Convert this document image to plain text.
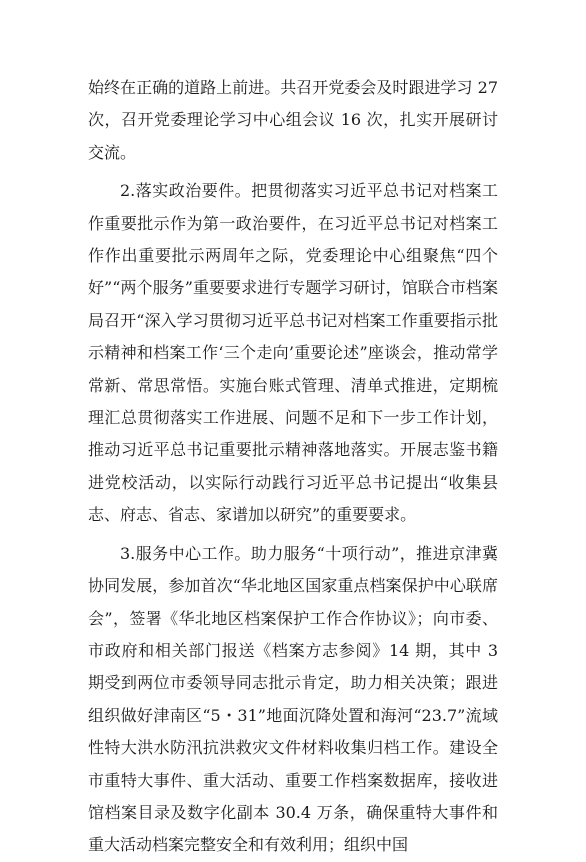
始终在正确的道路上前进。共召开党委会及时跟进学习 27 次，召开党委理论学习中心组会议 16 次，扎实开展研讨交流。

2.落实政治要件。把贯彻落实习近平总书记对档案工作重要批示作为第一政治要件，在习近平总书记对档案工作作出重要批示两周年之际，党委理论中心组聚焦“四个好”“两个服务”重要要求进行专题学习研讨，馆联合市档案局召开“深入学习贯彻习近平总书记对档案工作重要指示批示精神和档案工作‘三个走向’重要论述”座谈会，推动常学常新、常思常悟。实施台账式管理、清单式推进，定期梳理汇总贯彻落实工作进展、问题不足和下一步工作计划，推动习近平总书记重要批示精神落地落实。开展志鉴书籍进党校活动，以实际行动践行习近平总书记提出“收集县志、府志、省志、家谱加以研究”的重要要求。

3.服务中心工作。助力服务“十项行动”，推进京津冀协同发展，参加首次“华北地区国家重点档案保护中心联席会”，签署《华北地区档案保护工作合作协议》；向市委、市政府和相关部门报送《档案方志参阅》14 期，其中 3 期受到两位市委领导同志批示肯定，助力相关决策；跟进组织做好津南区“5・31”地面沉降处置和海河“23.7”流域性特大洪水防汛抗洪救灾文件材料收集归档工作。建设全市重特大事件、重大活动、重要工作档案数据库，接收进馆档案目录及数字化副本 30.4 万条，确保重特大事件和重大活动档案完整安全和有效利用；组织中国
